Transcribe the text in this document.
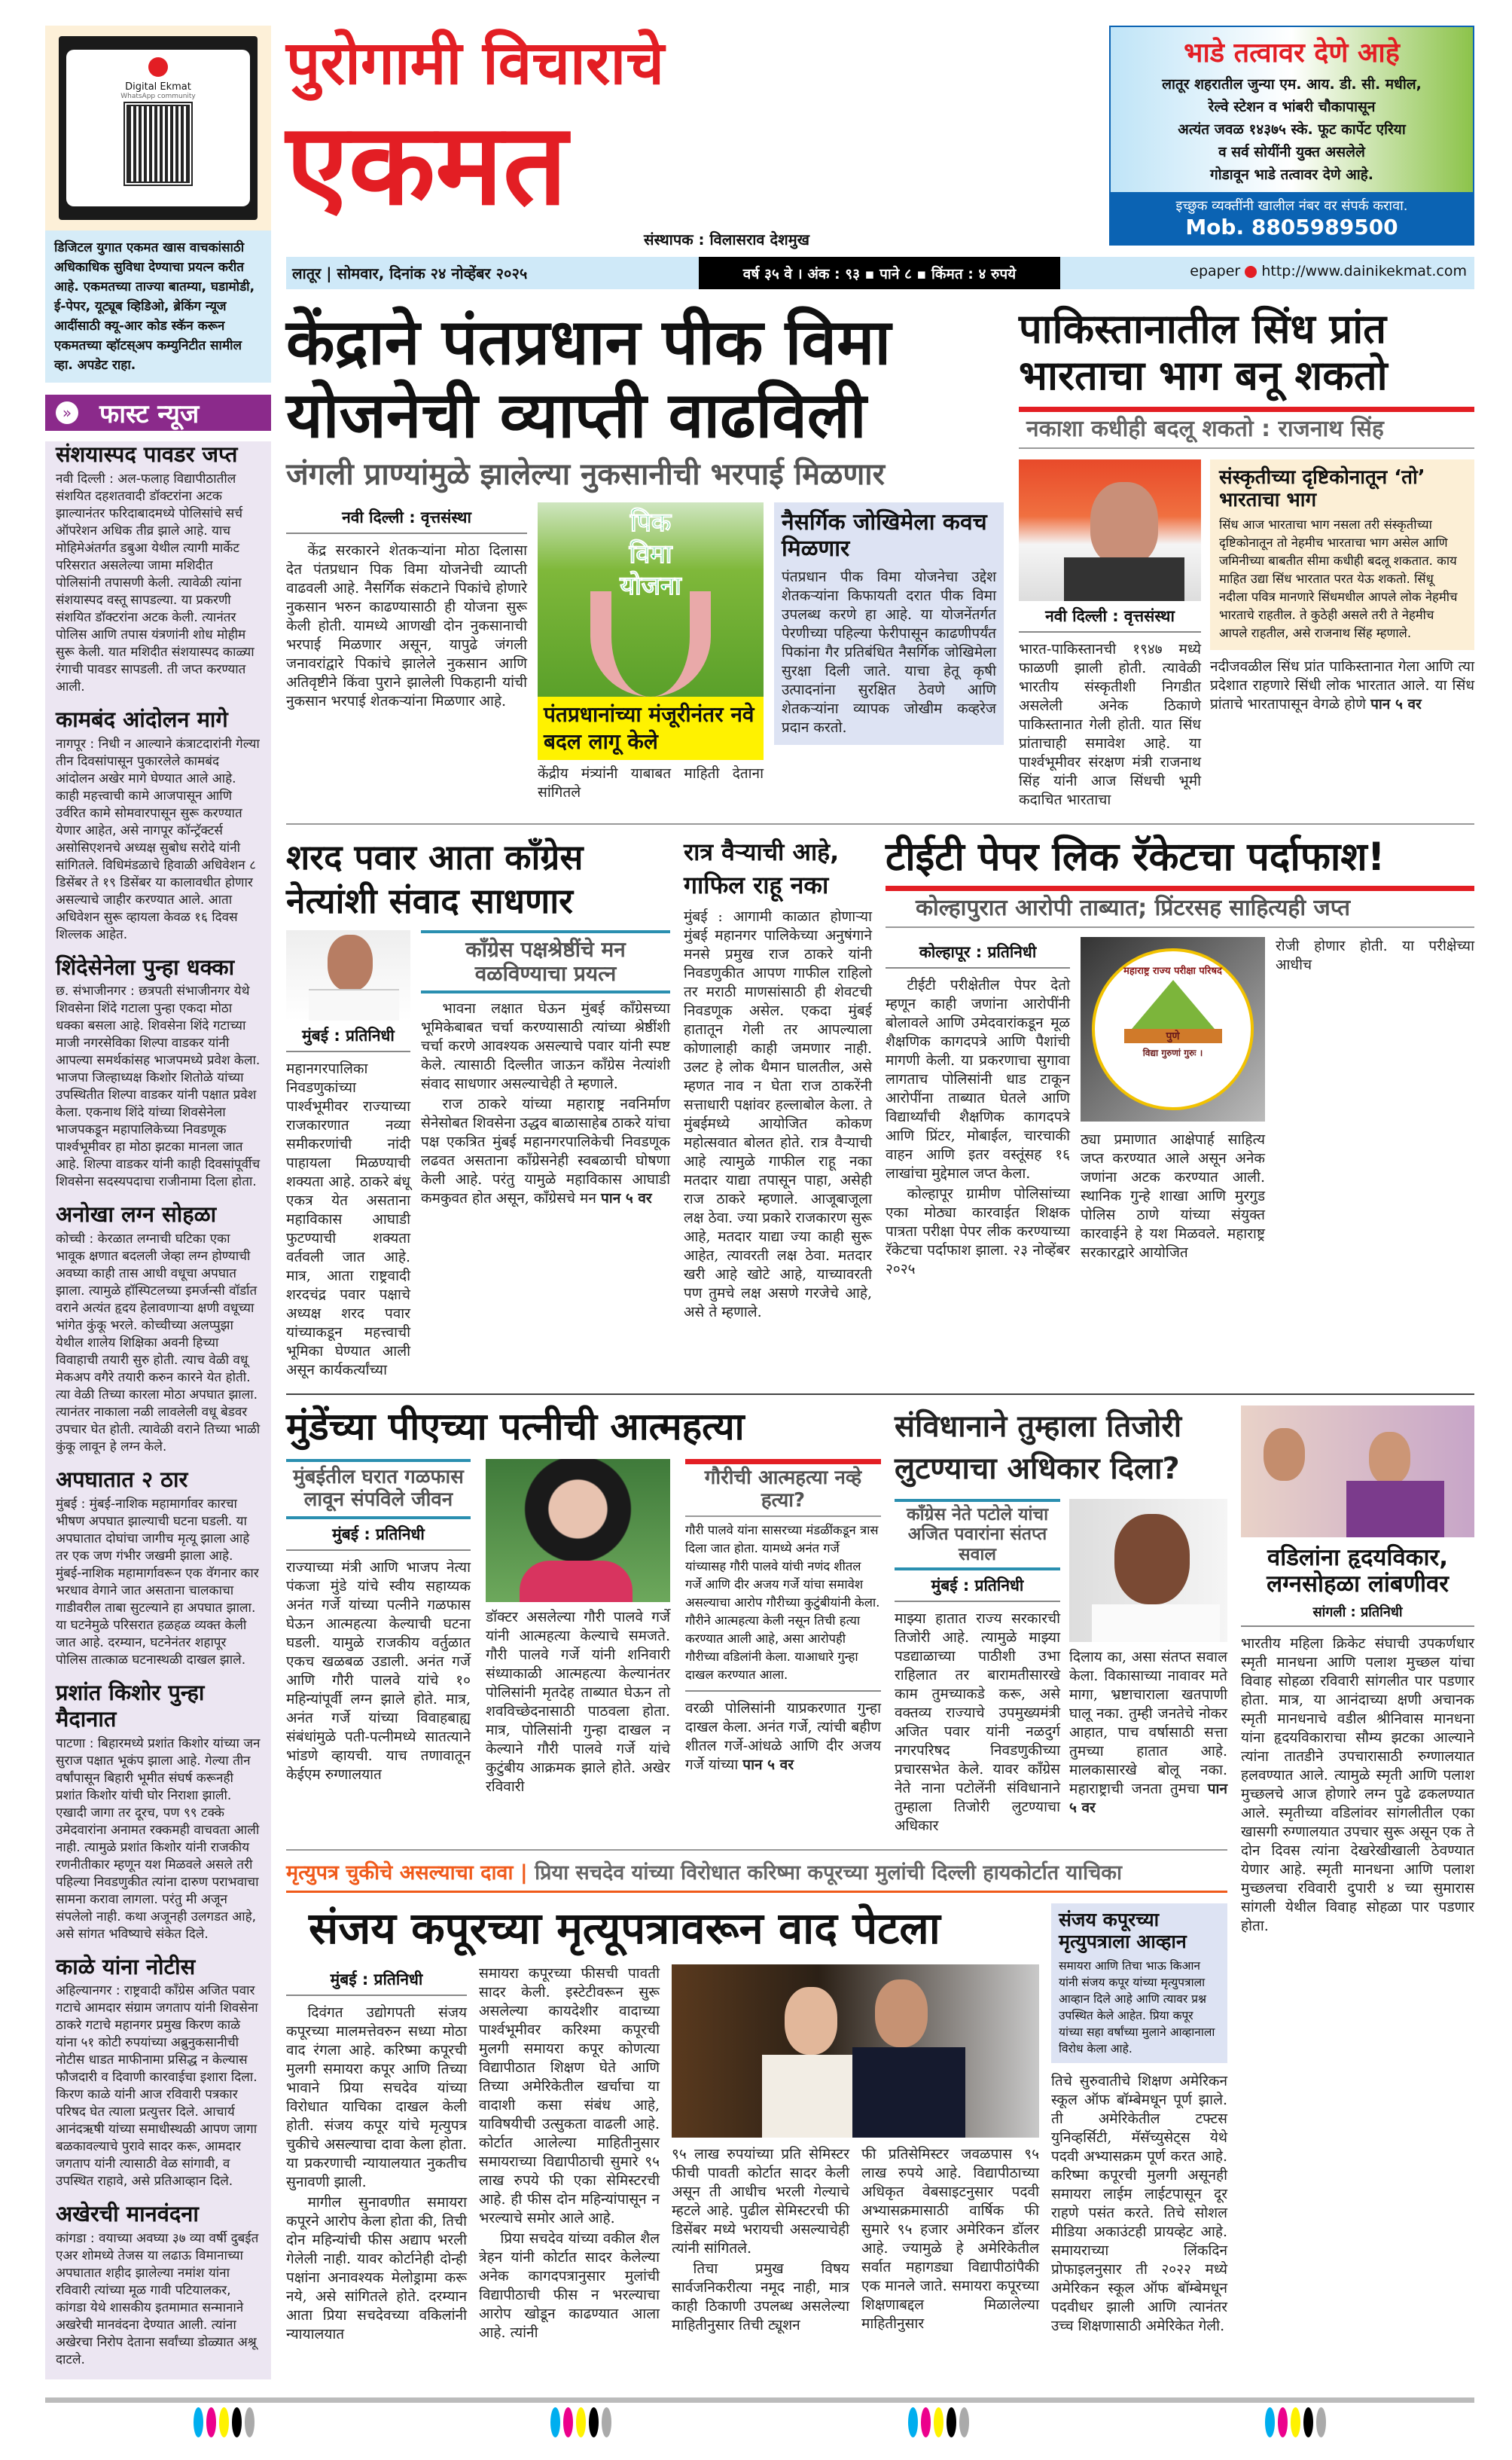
Digital Ekmat
WhatsApp community
डिजिटल युगात एकमत खास वाचकांसाठी अधिकाधिक सुविधा देण्याचा प्रयत्न करीत आहे. एकमतच्या ताज्या बातम्या, घडामोडी, ई-पेपर, यूट्यूब व्हिडिओ, ब्रेकिंग न्यूज आदींसाठी क्यू-आर कोड स्कॅन करून एकमतच्या व्हॉटस्अप कम्युनिटीत सामील व्हा. अपडेट राहा.
» फास्ट न्यूज
संशयास्पद पावडर जप्त

नवी दिल्ली : अल-फलाह विद्यापीठातील संशयित दहशतवादी डॉक्टरांना अटक झाल्यानंतर फरिदाबादमध्ये पोलिसांचे सर्च ऑपरेशन अधिक तीव्र झाले आहे. याच मोहिमेअंतर्गत डबुआ येथील त्यागी मार्केट परिसरात असलेल्या जामा मशिदीत पोलिसांनी तपासणी केली. त्यावेळी त्यांना संशयास्पद वस्तू सापडल्या. या प्रकरणी संशयित डॉक्टरांना अटक केली. त्यानंतर पोलिस आणि तपास यंत्रणांनी शोध मोहीम सुरू केली. यात मशिदीत संशयास्पद काळ्या रंगाची पावडर सापडली. ती जप्त करण्यात आली.

कामबंद आंदोलन मागे

नागपूर : निधी न आल्याने कंत्राटदारांनी गेल्या तीन दिवसांपासून पुकारलेले कामबंद आंदोलन अखेर मागे घेण्यात आले आहे. काही महत्त्वाची कामे आजपासून आणि उर्वरित कामे सोमवारपासून सुरू करण्यात येणार आहेत, असे नागपूर कॉन्ट्रॅक्टर्स असोसिएशनचे अध्यक्ष सुबोध सरोदे यांनी सांगितले. विधिमंडळाचे हिवाळी अधिवेशन ८ डिसेंबर ते १९ डिसेंबर या कालावधीत होणार असल्याचे जाहीर करण्यात आले. आता अधिवेशन सुरू व्हायला केवळ १६ दिवस शिल्लक आहेत.

शिंदेसेनेला पुन्हा धक्का

छ. संभाजीनगर : छत्रपती संभाजीनगर येथे शिवसेना शिंदे गटाला पुन्हा एकदा मोठा धक्का बसला आहे. शिवसेना शिंदे गटाच्या माजी नगरसेविका शिल्पा वाडकर यांनी आपल्या समर्थकांसह भाजपमध्ये प्रवेश केला. भाजपा जिल्हाध्यक्ष किशोर शितोळे यांच्या उपस्थितीत शिल्पा वाडकर यांनी पक्षात प्रवेश केला. एकनाथ शिंदे यांच्या शिवसेनेला भाजपकडून महापालिकेच्या निवडणूक पार्श्वभूमीवर हा मोठा झटका मानला जात आहे. शिल्पा वाडकर यांनी काही दिवसांपूर्वीच शिवसेना सदस्यपदाचा राजीनामा दिला होता.

अनोखा लग्न सोहळा

कोच्ची : केरळात लग्नाची घटिका एका भावूक क्षणात बदलली जेव्हा लग्न होण्याची अवघ्या काही तास आधी वधूचा अपघात झाला. त्यामुळे हॉस्पिटलच्या इमर्जन्सी वॉर्डात वराने अत्यंत हृदय हेलावणाऱ्या क्षणी वधूच्या भांगेत कुंकू भरले. कोच्चीच्या अलप्पुझा येथील शालेय शिक्षिका अवनी हिच्या विवाहाची तयारी सुरु होती. त्याच वेळी वधू मेकअप वगैरे तयारी करुन कारने येत होती. त्या वेळी तिच्या कारला मोठा अपघात झाला. त्यानंतर नाकाला नळी लावलेली वधू बेडवर उपचार घेत होती. त्यावेळी वराने तिच्या भाळी कुंकू लावून हे लग्न केले.

अपघातात २ ठार

मुंबई : मुंबई-नाशिक महामार्गावर कारचा भीषण अपघात झाल्याची घटना घडली. या अपघातात दोघांचा जागीच मृत्यू झाला आहे तर एक जण गंभीर जखमी झाला आहे. मुंबई-नाशिक महामार्गावरून एक वॅगनार कार भरधाव वेगाने जात असताना चालकाचा गाडीवरील ताबा सुटल्याने हा अपघात झाला. या घटनेमुळे परिसरात हळहळ व्यक्त केली जात आहे. दरम्यान, घटनेनंतर शहापूर पोलिस तात्काळ घटनास्थळी दाखल झाले.

प्रशांत किशोर पुन्हा मैदानात

पाटणा : बिहारमध्ये प्रशांत किशोर यांच्या जन सुराज पक्षात भूकंप झाला आहे. गेल्या तीन वर्षांपासून बिहारी भूमीत संघर्ष करूनही प्रशांत किशोर यांची घोर निराशा झाली. एखादी जागा तर दूरच, पण ९९ टक्के उमेदवारांना अनामत रक्कमही वाचवता आली नाही. त्यामुळे प्रशांत किशोर यांनी राजकीय रणनीतीकार म्हणून यश मिळवले असले तरी पहिल्या निवडणुकीत त्यांना दारुण पराभवाचा सामना करावा लागला. परंतु मी अजून संपलेलो नाही. कथा अजूनही उलगडत आहे, असे सांगत भविष्याचे संकेत दिले.

काळे यांना नोटीस

अहिल्यानगर : राष्ट्रवादी कॉंग्रेस अजित पवार गटाचे आमदार संग्राम जगताप यांनी शिवसेना ठाकरे गटाचे महानगर प्रमुख किरण काळे यांना ५१ कोटी रुपयांच्या अब्रुनुकसानीची नोटीस धाडत माफीनामा प्रसिद्ध न केल्यास फौजदारी व दिवाणी कारवाईचा इशारा दिला. किरण काळे यांनी आज रविवारी पत्रकार परिषद घेत त्याला प्रत्युत्तर दिले. आचार्य आनंदऋषी यांच्या समाधीस्थळी आपण जागा बळकावल्याचे पुरावे सादर करू, आमदार जगताप यांनी त्यासाठी वेळ सांगावी, व उपस्थित राहावे, असे प्रतिआव्हान दिले.

अखेरची मानवंदना

कांगडा : वयाच्या अवघ्या ३७ व्या वर्षी दुबईत एअर शोमध्ये तेजस या लढाऊ विमानाच्या अपघातात शहीद झालेल्या नमांश यांना रविवारी त्यांच्या मूळ गावी पटियालकर, कांगडा येथे शासकीय इतमामात सन्मानाने अखरेची मानवंदना देण्यात आली. त्यांना अखेरचा निरोप देताना सर्वांच्या डोळ्यात अश्रू दाटले.

पुरोगामी विचाराचे
एकमत
संस्थापक : विलासराव देशमुख
भाडे तत्वावर देणे आहे
लातूर शहरातील जुन्या एम. आय. डी. सी. मधील,
रेल्वे स्टेशन व भांबरी चौकापासून
अत्यंत जवळ १४३७५ स्के. फूट कार्पेट एरिया
व सर्व सोयींनी युक्त असलेले
गोडावून भाडे तत्वावर देणे आहे.
इच्छुक व्यक्तींनी खालील नंबर वर संपर्क करावा.
Mob. 8805989500
लातूर | सोमवार, दिनांक २४ नोव्हेंबर २०२५	वर्ष ३५ वे । अंक : ९३ ▪ पाने ८ ▪ किंमत : ४ रुपये	epaper http://www.dainikekmat.com
केंद्राने पंतप्रधान पीक विमा
योजनेची व्याप्ती वाढविली
जंगली प्राण्यांमुळे झालेल्या नुकसानीची भरपाई मिळणार
नवी दिल्ली : वृत्तसंस्था

केंद्र सरकारने शेतकऱ्यांना मोठा दिलासा देत पंतप्रधान पिक विमा योजनेची व्याप्ती वाढवली आहे. नैसर्गिक संकटाने पिकांचे होणारे नुकसान भरुन काढण्यासाठी ही योजना सुरू केली होती. यामध्ये आणखी दोन नुकसानाची भरपाई मिळणार असून, यापुढे जंगली जनावरांद्वारे पिकांचे झालेले नुकसान आणि अतिवृष्टीने किंवा पुराने झालेली पिकहानी यांची नुकसान भरपाई शेतकऱ्यांना मिळणार आहे.

पिक विमा योजना
पंतप्रधानांच्या मंजूरीनंतर नवे बदल लागू केले
केंद्रीय मंत्र्यांनी याबाबत माहिती देताना सांगितले
नैसर्गिक जोखिमेला कवच मिळणार
पंतप्रधान पीक विमा योजनेचा उद्देश शेतकऱ्यांना किफायती दरात पीक विमा उपलब्ध करणे हा आहे. या योजनेंतर्गत पेरणीच्या पहिल्या फेरीपासून काढणीपर्यंत पिकांना गैर प्रतिबंधित नैसर्गिक जोखिमेला सुरक्षा दिली जाते. याचा हेतू कृषी उत्पादनांना सुरक्षित ठेवणे आणि शेतकऱ्यांना व्यापक जोखीम कव्हरेज प्रदान करतो.
पाकिस्तानातील सिंध प्रांत
भारताचा भाग बनू शकतो
नकाशा कधीही बदलू शकतो : राजनाथ सिंह
नवी दिल्ली : वृत्तसंस्था
भारत-पाकिस्तानची १९४७ मध्ये फाळणी झाली होती. त्यावेळी भारतीय संस्कृतीशी निगडीत असलेली अनेक ठिकाणे पाकिस्तानात गेली होती. यात सिंध प्रांताचाही समावेश आहे. या पार्श्वभूमीवर संरक्षण मंत्री राजनाथ सिंह यांनी आज सिंधची भूमी कदाचित भारताचा
संस्कृतीच्या दृष्टिकोनातून ‘तो’ भारताचा भाग
सिंध आज भारताचा भाग नसला तरी संस्कृतीच्या दृष्टिकोनातून तो नेहमीच भारताचा भाग असेल आणि जमिनीच्या बाबतीत सीमा कधीही बदलू शकतात. काय माहित उद्या सिंध भारतात परत येऊ शकतो. सिंधू नदीला पवित्र मानणारे सिंधमधील आपले लोक नेहमीच भारताचे राहतील. ते कुठेही असले तरी ते नेहमीच आपले राहतील, असे राजनाथ सिंह म्हणाले.
नदीजवळील सिंध प्रांत पाकिस्तानात गेला आणि त्या प्रदेशात राहणारे सिंधी लोक भारतात आले. या सिंध प्रांताचे भारतापासून वेगळे होणे पान ५ वर
शरद पवार आता काँग्रेस नेत्यांशी संवाद साधणार
मुंबई : प्रतिनिधी
महानगरपालिका निवडणुकांच्या पार्श्वभूमीवर राज्याच्या राजकारणात नव्या समीकरणांची नांदी पाहायला मिळण्याची शक्यता आहे. ठाकरे बंधू एकत्र येत असताना महाविकास आघाडी फुटण्याची शक्यता वर्तवली जात आहे. मात्र, आता राष्ट्रवादी शरदचंद्र पवार पक्षाचे अध्यक्ष शरद पवार यांच्याकडून महत्त्वाची भूमिका घेण्यात आली असून कार्यकर्त्यांच्या
काँग्रेस पक्षश्रेष्ठींचे मन वळविण्याचा प्रयत्न

भावना लक्षात घेऊन मुंबई काँग्रेसच्या भूमिकेबाबत चर्चा करण्यासाठी त्यांच्या श्रेष्ठींशी चर्चा करणे आवश्यक असल्याचे पवार यांनी स्पष्ट केले. त्यासाठी दिल्लीत जाऊन काँग्रेस नेत्यांशी संवाद साधणार असल्याचेही ते म्हणाले.

राज ठाकरे यांच्या महाराष्ट्र नवनिर्माण सेनेसोबत शिवसेना उद्धव बाळासाहेब ठाकरे यांचा पक्ष एकत्रित मुंबई महानगरपालिकेची निवडणूक लढवत असताना काँग्रेसनेही स्वबळाची घोषणा केली आहे. परंतु यामुळे महाविकास आघाडी कमकुवत होत असून, काँग्रेसचे मन पान ५ वर

रात्र वैऱ्याची आहे, गाफिल राहू नका
मुंबई : आगामी काळात होणाऱ्या मुंबई महानगर पालिकेच्या अनुषंगाने मनसे प्रमुख राज ठाकरे यांनी निवडणुकीत आपण गाफील राहिलो तर मराठी माणसांसाठी ही शेवटची निवडणूक असेल. एकदा मुंबई हातातून गेली तर आपल्याला कोणालाही काही जमणार नाही. उलट हे लोक थैमान घालतील, असे म्हणत नाव न घेता राज ठाकरेंनी सत्ताधारी पक्षांवर हल्लाबोल केला. ते मुंबईमध्ये आयोजित कोकण महोत्सवात बोलत होते. रात्र वैऱ्याची आहे त्यामुळे गाफील राहू नका मतदार याद्या तपासून पाहा, असेही राज ठाकरे म्हणाले. आजूबाजूला लक्ष ठेवा. ज्या प्रकारे राजकारण सुरू आहे, मतदार याद्या ज्या काही सुरू आहेत, त्यावरती लक्ष ठेवा. मतदार खरी आहे खोटे आहे, याच्यावरती पण तुमचे लक्ष असणे गरजेचे आहे, असे ते म्हणाले.
टीईटी पेपर लिक रॅकेटचा पर्दाफाश!
कोल्हापुरात आरोपी ताब्यात; प्रिंटरसह साहित्यही जप्त
कोल्हापूर : प्रतिनिधी

टीईटी परीक्षेतील पेपर देतो म्हणून काही जणांना आरोपींनी बोलावले आणि उमेदवारांकडून मूळ शैक्षणिक कागदपत्रे आणि पैशांची मागणी केली. या प्रकरणाचा सुगावा लागताच पोलिसांनी धाड टाकून आरोपींना ताब्यात घेतले आणि विद्यार्थ्यांची शैक्षणिक कागदपत्रे आणि प्रिंटर, मोबाईल, चारचाकी वाहन आणि इतर वस्तूंसह १६ लाखांचा मुद्देमाल जप्त केला.

कोल्हापूर ग्रामीण पोलिसांच्या एका मोठ्या कारवाईत शिक्षक पात्रता परीक्षा पेपर लीक करण्याच्या रॅकेटचा पर्दाफाश झाला. २३ नोव्हेंबर २०२५

महाराष्ट्र राज्य परीक्षा परिषद
पुणे
विद्या गुरुणां गुरुः ।
ठ्या प्रमाणात आक्षेपार्ह साहित्य जप्त करण्यात आले असून अनेक जणांना अटक करण्यात आली. स्थानिक गुन्हे शाखा आणि मुरगुड पोलिस ठाणे यांच्या संयुक्त कारवाईने हे यश मिळवले. महाराष्ट्र सरकारद्वारे आयोजित
रोजी होणार होती. या परीक्षेच्या आधीच
मुंडेंच्या पीएच्या पत्नीची आत्महत्या
मुंबईतील घरात गळफास लावून संपविले जीवन
मुंबई : प्रतिनिधी
राज्याच्या मंत्री आणि भाजप नेत्या पंकजा मुंडे यांचे स्वीय सहाय्यक अनंत गर्जे यांच्या पत्नीने गळफास घेऊन आत्महत्या केल्याची घटना घडली. यामुळे राजकीय वर्तुळात एकच खळबळ उडाली. अनंत गर्जे आणि गौरी पालवे यांचे १० महिन्यांपूर्वी लग्न झाले होते. मात्र, अनंत गर्जे यांच्या विवाहबाह्य संबंधांमुळे पती-पत्नीमध्ये सातत्याने भांडणे व्हायची. याच तणावातून केईएम रुग्णालयात
डॉक्टर असलेल्या गौरी पालवे गर्जे यांनी आत्महत्या केल्याचे समजते. गौरी पालवे गर्जे यांनी शनिवारी संध्याकाळी आत्महत्या केल्यानंतर पोलिसांनी मृतदेह ताब्यात घेऊन तो शवविच्छेदनासाठी पाठवला होता. मात्र, पोलिसांनी गुन्हा दाखल न केल्याने गौरी पालवे गर्जे यांचे कुटुंबीय आक्रमक झाले होते. अखेर रविवारी
गौरीची आत्महत्या नव्हे हत्या?
गौरी पालवे यांना सासरच्या मंडळींकडून त्रास दिला जात होता. यामध्ये अनंत गर्जे यांच्यासह गौरी पालवे यांची नणंद शीतल गर्जे आणि दीर अजय गर्जे यांचा समावेश असल्याचा आरोप गौरीच्या कुटुंबीयांनी केला. गौरीने आत्महत्या केली नसून तिची हत्या करण्यात आली आहे, असा आरोपही गौरीच्या वडिलांनी केला. याआधारे गुन्हा दाखल करण्यात आला.
वरळी पोलिसांनी याप्रकरणात गुन्हा दाखल केला. अनंत गर्जे, त्यांची बहीण शीतल गर्जे-आंधळे आणि दीर अजय गर्जे यांच्या पान ५ वर
संविधानाने तुम्हाला तिजोरी लुटण्याचा अधिकार दिला?
काँग्रेस नेते पटोले यांचा अजित पवारांना संतप्त सवाल
मुंबई : प्रतिनिधी
माझ्या हातात राज्य सरकारची तिजोरी आहे. त्यामुळे माझ्या पडद्याळाच्या पाठीशी उभा राहिलात तर बारामतीसारखे काम तुमच्याकडे करू, असे वक्तव्य राज्याचे उपमुख्यमंत्री अजित पवार यांनी नळदुर्ग नगरपरिषद निवडणुकीच्या प्रचारसभेत केले. यावर काँग्रेस नेते नाना पटोलेंनी संविधानाने तुम्हाला तिजोरी लुटण्याचा अधिकार
दिलाय का, असा संतप्त सवाल केला. विकासाच्या नावावर मते मागा, भ्रष्टाचाराला खतपाणी घालू नका. तुम्ही जनतेचे नोकर आहात, पाच वर्षासाठी सत्ता तुमच्या हातात आहे. मालकासारखे बोलू नका. महाराष्ट्राची जनता तुमचा पान ५ वर
मृत्युपत्र चुकीचे असल्याचा दावा | प्रिया सचदेव यांच्या विरोधात करिष्मा कपूरच्या मुलांची दिल्ली हायकोर्टात याचिका
संजय कपूरच्या मृत्यूपत्रावरून वाद पेटला
मुंबई : प्रतिनिधी

दिवंगत उद्योगपती संजय कपूरच्या मालमत्तेवरुन सध्या मोठा वाद रंगला आहे. करिष्मा कपूरची मुलगी समायरा कपूर आणि तिच्या भावाने प्रिया सचदेव यांच्या विरोधात याचिका दाखल केली होती. संजय कपूर यांचे मृत्युपत्र चुकीचे असल्याचा दावा केला होता. या प्रकरणाची न्यायालयात नुकतीच सुनावणी झाली.

मागील सुनावणीत समायरा कपूरने आरोप केला होता की, तिची दोन महिन्यांची फीस अद्याप भरली गेलेली नाही. यावर कोर्टानेही दोन्ही पक्षांना अनावश्यक मेलोड्रामा करू नये, असे सांगितले होते. दरम्यान आता प्रिया सचदेवच्या वकिलांनी न्यायालयात

समायरा कपूरच्या फीसची पावती सादर केली. इस्टेटीवरून सुरू असलेल्या कायदेशीर वादाच्या पार्श्वभूमीवर करिश्मा कपूरची मुलगी समायरा कपूर कोणत्या विद्यापीठात शिक्षण घेते आणि तिच्या अमेरिकेतील खर्चाचा या वादाशी कसा संबंध आहे, याविषयीची उत्सुकता वाढली आहे. कोर्टात आलेल्या माहितीनुसार समायराच्या विद्यापीठाची सुमारे ९५ लाख रुपये फी एका सेमिस्टरची आहे. ही फीस दोन महिन्यांपासून न भरल्याचे समोर आले आहे.

प्रिया सचदेव यांच्या वकील शैल त्रेहन यांनी कोर्टात सादर केलेल्या अनेक कागदपत्रानुसार मुलांची विद्यापीठाची फीस न भरल्याचा आरोप खोडून काढण्यात आला आहे. त्यांनी

९५ लाख रुपयांच्या प्रति सेमिस्टर फीची पावती कोर्टात सादर केली असून ती आधीच भरली गेल्याचे म्हटले आहे. पुढील सेमिस्टरची फी डिसेंबर मध्ये भरायची असल्याचेही त्यांनी सांगितले.

तिचा प्रमुख विषय सार्वजनिकरीत्या नमूद नाही, मात्र काही ठिकाणी उपलब्ध असलेल्या माहितीनुसार तिची ट्यूशन

फी प्रतिसेमिस्टर जवळपास ९५ लाख रुपये आहे. विद्यापीठाच्या अधिकृत वेबसाइटनुसार पदवी अभ्यासक्रमासाठी वार्षिक फी सुमारे ९५ हजार अमेरिकन डॉलर आहे. ज्यामुळे हे अमेरिकेतील सर्वात महागड्या विद्यापीठांपैकी एक मानले जाते. समायरा कपूरच्या शिक्षणाबद्दल मिळालेल्या माहितीनुसार
संजय कपूरच्या मृत्युपत्राला आव्हान
समायरा आणि तिचा भाऊ किआन यांनी संजय कपूर यांच्या मृत्युपत्राला आव्हान दिले आहे आणि त्यावर प्रश्न उपस्थित केले आहेत. प्रिया कपूर यांच्या सहा वर्षांच्या मुलाने आव्हानाला विरोध केला आहे.
तिचे सुरुवातीचे शिक्षण अमेरिकन स्कूल ऑफ बॉम्बेमधून पूर्ण झाले. ती अमेरिकेतील टफ्टस युनिव्हर्सिटी, मॅसॅच्युसेट्स येथे पदवी अभ्यासक्रम पूर्ण करत आहे. करिष्मा कपूरची मुलगी असूनही समायरा लाईम लाईटपासून दूर राहणे पसंत करते. तिचे सोशल मीडिया अकाउंटही प्रायव्हेट आहे. समायराच्या लिंकदिन प्रोफाइलनुसार ती २०२२ मध्ये अमेरिकन स्कूल ऑफ बॉम्बेमधून पदवीधर झाली आणि त्यानंतर उच्च शिक्षणासाठी अमेरिकेत गेली.
वडिलांना हृदयविकार, लग्नसोहळा लांबणीवर
सांगली : प्रतिनिधी
भारतीय महिला क्रिकेट संघाची उपकर्णधार स्मृती मानधना आणि पलाश मुच्छल यांचा विवाह सोहळा रविवारी सांगलीत पार पडणार होता. मात्र, या आनंदाच्या क्षणी अचानक स्मृती मानधनाचे वडील श्रीनिवास मानधना यांना हृदयविकाराचा सौम्य झटका आल्याने त्यांना तातडीने उपचारासाठी रुग्णालयात हलवण्यात आले. त्यामुळे स्मृती आणि पलाश मुच्छलचे आज होणारे लग्न पुढे ढकलण्यात आले. स्मृतीच्या वडिलांवर सांगलीतील एका खासगी रुग्णालयात उपचार सुरू असून एक ते दोन दिवस त्यांना देखरेखीखाली ठेवण्यात येणार आहे. स्मृती मानधना आणि पलाश मुच्छलचा रविवारी दुपारी ४ च्या सुमारास सांगली येथील विवाह सोहळा पार पडणार होता.
